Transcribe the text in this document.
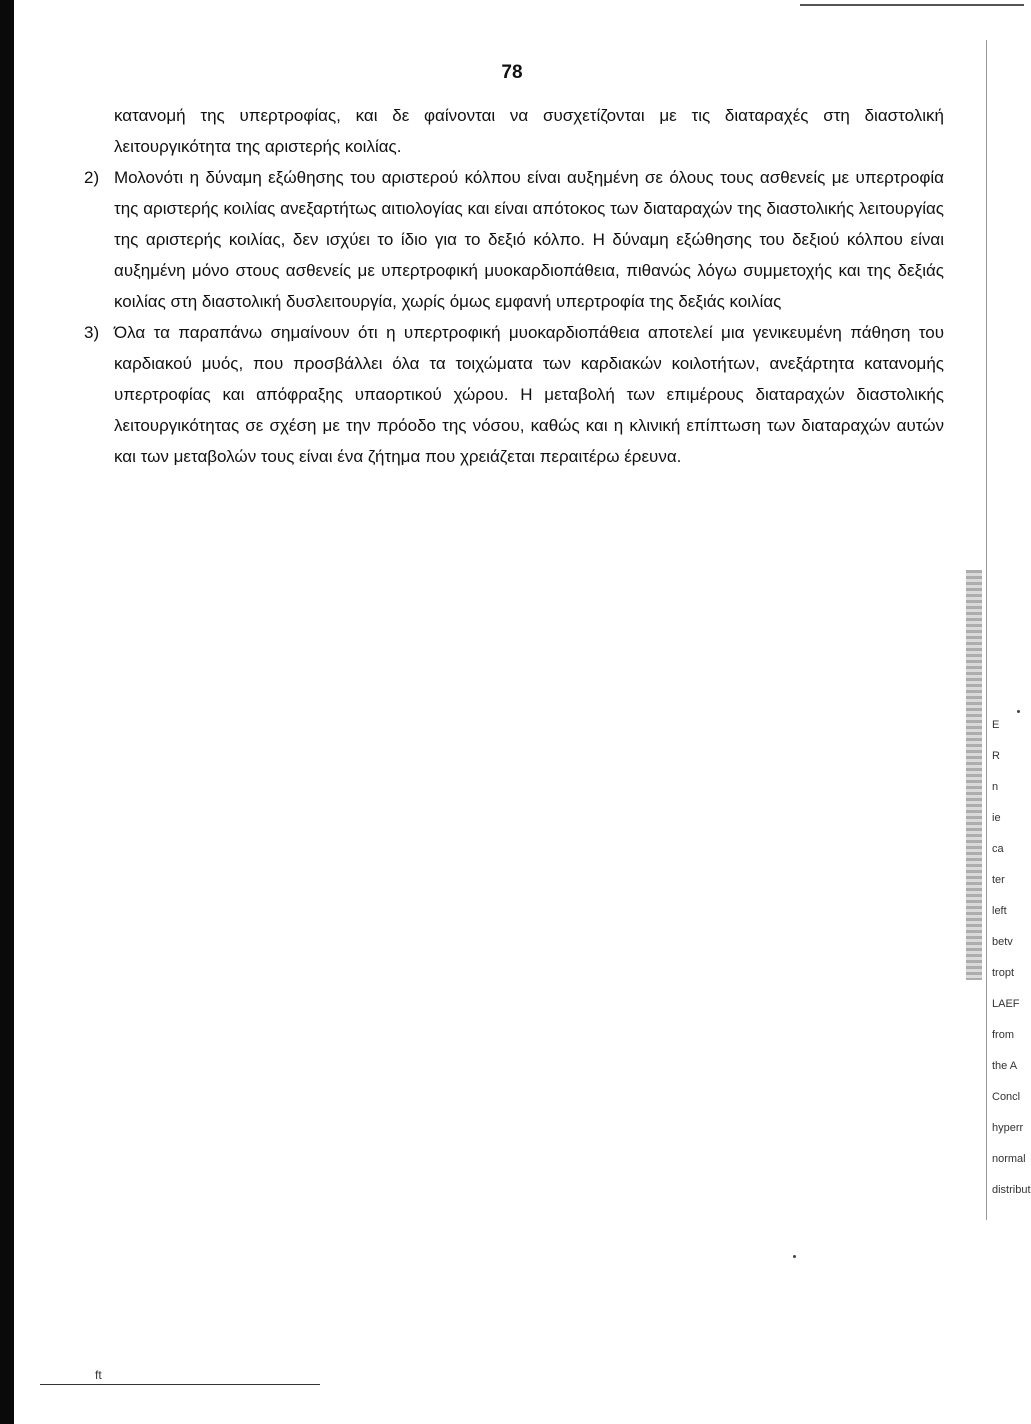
78

κατανομή της υπερτροφίας, και δε φαίνονται να συσχετίζονται με τις διαταραχές στη διαστολική λειτουργικότητα της αριστερής κοιλίας.

2) Μολονότι η δύναμη εξώθησης του αριστερού κόλπου είναι αυξημένη σε όλους τους ασθενείς με υπερτροφία της αριστερής κοιλίας ανεξαρτήτως αιτιολογίας και είναι απότοκος των διαταραχών της διαστολικής λειτουργίας της αριστερής κοιλίας, δεν ισχύει το ίδιο για το δεξιό κόλπο. Η δύναμη εξώθησης του δεξιού κόλπου είναι αυξημένη μόνο στους ασθενείς με υπερτροφική μυοκαρδιοπάθεια, πιθανώς λόγω συμμετοχής και της δεξιάς κοιλίας στη διαστολική δυσλειτουργία, χωρίς όμως εμφανή υπερτροφία της δεξιάς κοιλίας

3) Όλα τα παραπάνω σημαίνουν ότι η υπερτροφική μυοκαρδιοπάθεια αποτελεί μια γενικευμένη πάθηση του καρδιακού μυός, που προσβάλλει όλα τα τοιχώματα των καρδιακών κοιλοτήτων, ανεξάρτητα κατανομής υπερτροφίας και απόφραξης υπαορτικού χώρου. Η μεταβολή των επιμέρους διαταραχών διαστολικής λειτουργικότητας σε σχέση με την πρόοδο της νόσου, καθώς και η κλινική επίπτωση των διαταραχών αυτών και των μεταβολών τους είναι ένα ζήτημα που χρειάζεται περαιτέρω έρευνα.

E
R
n
ie
ca
ter
left
betv
tropt
LAEF
from
the A
Concl
hyperr
normal
distribut
ft
